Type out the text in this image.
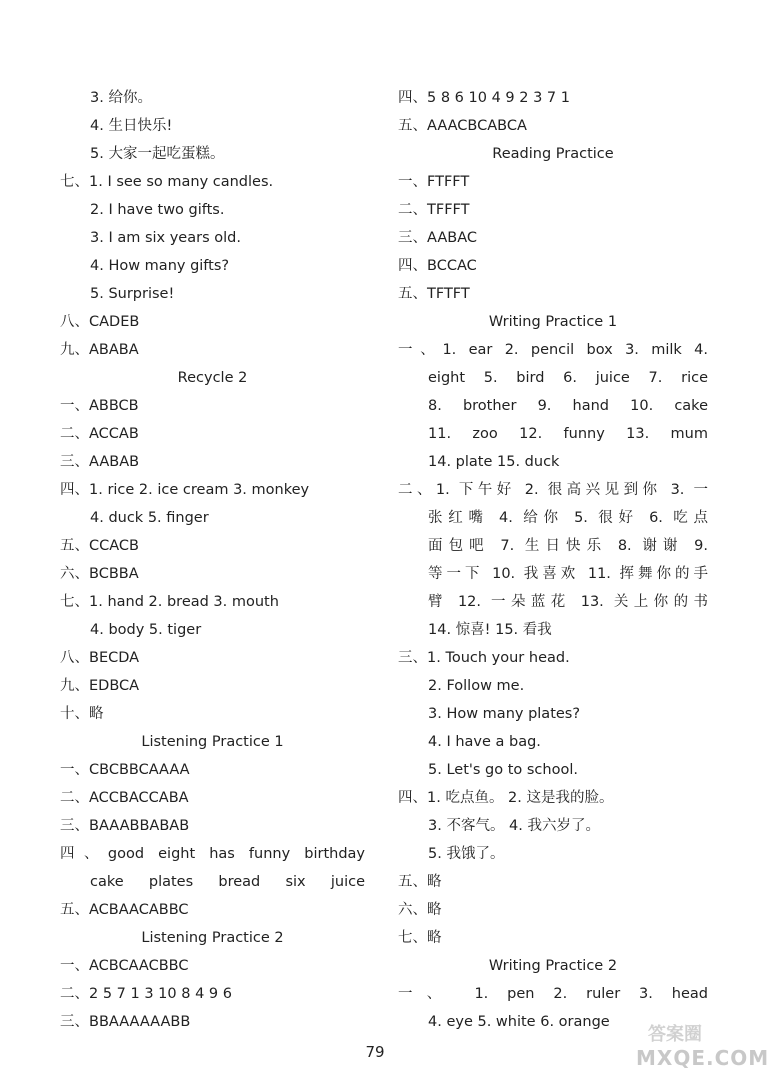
3. 给你。
4. 生日快乐!
5. 大家一起吃蛋糕。
七、1. I see so many candles.
2. I have two gifts.
3. I am six years old.
4. How many gifts?
5. Surprise!
八、CADEB
九、ABABA
Recycle 2
一、ABBCB
二、ACCAB
三、AABAB
四、1. rice 2. ice cream 3. monkey
4. duck 5. finger
五、CCACB
六、BCBBA
七、1. hand 2. bread 3. mouth
4. body 5. tiger
八、BECDA
九、EDBCA
十、略
Listening Practice 1
一、CBCBBCAAAA
二、ACCBACCABA
三、BAAABBABAB
四、good eight has funny birthday
cake plates bread six juice
五、ACBAACABBC
Listening Practice 2
一、ACBCAACBBC
二、2 5 7 1 3 10 8 4 9 6
三、BBAAAAAABB
四、5 8 6 10 4 9 2 3 7 1
五、AAACBCABCA
Reading Practice
一、FTFFT
二、TFFFT
三、AABAC
四、BCCAC
五、TFTFT
Writing Practice 1
一、1. ear 2. pencil box 3. milk 4.
eight 5. bird 6. juice 7. rice
8. brother 9. hand 10. cake
11. zoo 12. funny 13. mum
14. plate 15. duck
二、1. 下午好 2. 很高兴见到你 3. 一
张红嘴 4. 给你 5. 很好 6. 吃点
面包吧 7. 生日快乐 8. 谢谢 9.
等一下 10. 我喜欢 11. 挥舞你的手
臂 12. 一朵蓝花 13. 关上你的书
14. 惊喜! 15. 看我
三、1. Touch your head.
2. Follow me.
3. How many plates?
4. I have a bag.
5. Let's go to school.
四、1. 吃点鱼。 2. 这是我的脸。
3. 不客气。 4. 我六岁了。
5. 我饿了。
五、略
六、略
七、略
Writing Practice 2
一、 1. pen 2. ruler 3. head
4. eye 5. white 6. orange
79
答案圈
MXQE.COM
